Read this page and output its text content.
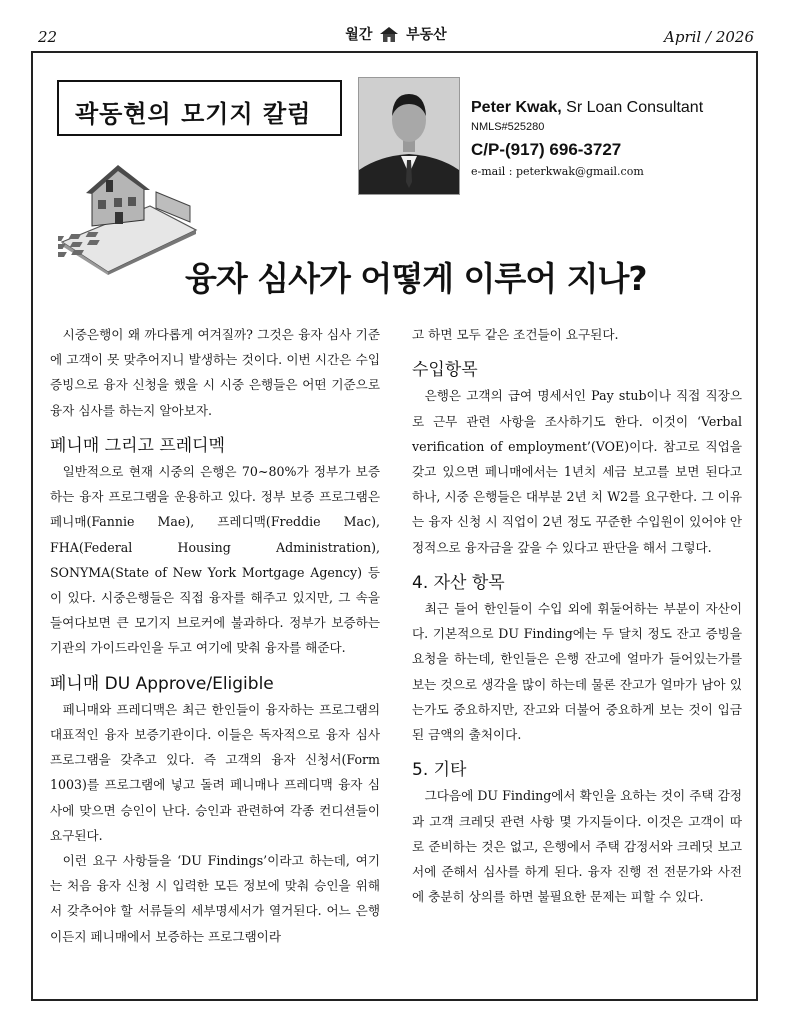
22	월간 부동산	April / 2026
곽동현의 모기지 칼럼	Peter Kwak, Sr Loan Consultant
NMLS#525280
C/P-(917) 696-3727
e-mail : peterkwak@gmail.com
융자 심사가 어떻게 이루어 지나?

시중은행이 왜 까다롭게 여겨질까? 그것은 융자 심사 기준에 고객이 못 맞추어지니 발생하는 것이다. 이번 시간은 수입 증빙으로 융자 신청을 했을 시 시중 은행들은 어떤 기준으로 융자 심사를 하는지 알아보자.

페니매 그리고 프레디멕

일반적으로 현재 시중의 은행은 70~80%가 정부가 보증하는 융자 프로그램을 운용하고 있다. 정부 보증 프로그램은 페니매(Fannie Mae), 프레디맥(Freddie Mac), FHA(Federal Housing Administration), SONYMA(State of New York Mortgage Agency) 등이 있다. 시중은행들은 직접 융자를 해주고 있지만, 그 속을 들여다보면 큰 모기지 브로커에 불과하다. 정부가 보증하는 기관의 가이드라인을 두고 여기에 맞춰 융자를 해준다.

페니매 DU Approve/Eligible

페니매와 프레디맥은 최근 한인들이 융자하는 프로그램의 대표적인 융자 보증기관이다. 이들은 독자적으로 융자 심사 프로그램을 갖추고 있다. 즉 고객의 융자 신청서(Form 1003)를 프로그램에 넣고 돌려 페니매나 프레디맥 융자 심사에 맞으면 승인이 난다. 승인과 관련하여 각종 컨디션들이 요구된다.

이런 요구 사항들을 ‘DU Findings’이라고 하는데, 여기는 처음 융자 신청 시 입력한 모든 정보에 맞춰 승인을 위해서 갖추어야 할 서류들의 세부명세서가 열거된다. 어느 은행이든지 페니매에서 보증하는 프로그램이라

고 하면 모두 같은 조건들이 요구된다.

수입항목

은행은 고객의 급여 명세서인 Pay stub이나 직접 직장으로 근무 관련 사항을 조사하기도 한다. 이것이 ‘Verbal verification of employment’(VOE)이다. 참고로 직업을 갖고 있으면 페니매에서는 1년치 세금 보고를 보면 된다고 하나, 시중 은행들은 대부분 2년 치 W2를 요구한다. 그 이유는 융자 신청 시 직업이 2년 정도 꾸준한 수입원이 있어야 안정적으로 융자금을 갚을 수 있다고 판단을 해서 그렇다.

4. 자산 항목

최근 들어 한인들이 수입 외에 휘둘어하는 부분이 자산이다. 기본적으로 DU Finding에는 두 달치 정도 잔고 증빙을 요청을 하는데, 한인들은 은행 잔고에 얼마가 들어있는가를 보는 것으로 생각을 많이 하는데 물론 잔고가 얼마가 남아 있는가도 중요하지만, 잔고와 더불어 중요하게 보는 것이 입금된 금액의 출처이다.

5. 기타

그다음에 DU Finding에서 확인을 요하는 것이 주택 감정과 고객 크레딧 관련 사항 몇 가지들이다. 이것은 고객이 따로 준비하는 것은 없고, 은행에서 주택 감정서와 크레딧 보고서에 준해서 심사를 하게 된다. 융자 진행 전 전문가와 사전에 충분히 상의를 하면 불필요한 문제는 피할 수 있다.
